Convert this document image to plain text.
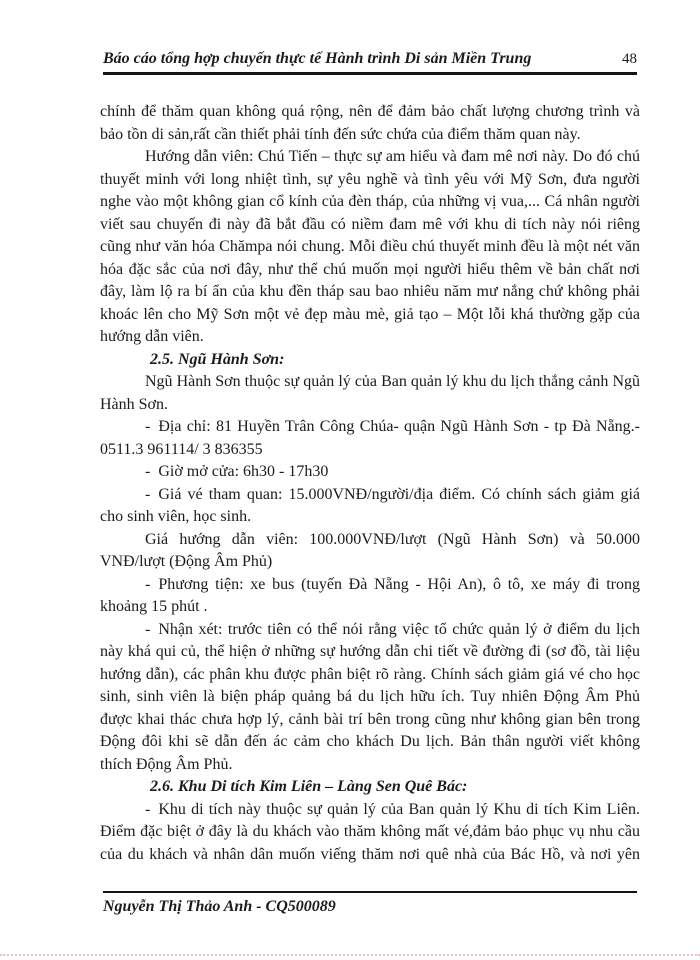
Báo cáo tổng hợp chuyến thực tế Hành trình Di sản Miền Trung	48

chính để thăm quan không quá rộng, nên để đảm bảo chất lượng chương trình và bảo tồn di sản,rất cần thiết phải tính đến sức chứa của điểm thăm quan này.

Hướng dẫn viên: Chú Tiến – thực sự am hiểu và đam mê nơi này. Do đó chú thuyết minh với long nhiệt tình, sự yêu nghề và tình yêu với Mỹ Sơn, đưa người nghe vào một không gian cổ kính của đèn tháp, của những vị vua,... Cá nhân người viết sau chuyến đi này đã bắt đầu có niềm đam mê với khu di tích này nói riêng cũng như văn hóa Chămpa nói chung. Mỗi điều chú thuyết minh đều là một nét văn hóa đặc sắc của nơi đây, như thể chú muốn mọi người hiểu thêm về bản chất nơi đây, làm lộ ra bí ẩn của khu đền tháp sau bao nhiêu năm mư nắng chứ không phải khoác lên cho Mỹ Sơn một vẻ đẹp màu mè, giả tạo – Một lỗi khá thường gặp của hướng dẫn viên.

2.5. Ngũ Hành Sơn:

Ngũ Hành Sơn thuộc sự quản lý của Ban quản lý khu du lịch thắng cảnh Ngũ Hành Sơn.

- Địa chỉ: 81 Huyền Trân Công Chúa- quận Ngũ Hành Sơn - tp Đà Nẵng.- 0511.3 961114/ 3 836355

- Giờ mở cửa: 6h30 - 17h30

- Giá vé tham quan: 15.000VNĐ/người/địa điểm. Có chính sách giảm giá cho sinh viên, học sinh.

Giá hướng dẫn viên: 100.000VNĐ/lượt (Ngũ Hành Sơn) và 50.000 VNĐ/lượt (Động Âm Phủ)

- Phương tiện: xe bus (tuyến Đà Nẵng - Hội An), ô tô, xe máy đi trong khoảng 15 phút .

- Nhận xét: trước tiên có thể nói rằng việc tổ chức quản lý ở điểm du lịch này khá qui củ, thể hiện ở những sự hướng dẫn chi tiết về đường đi (sơ đồ, tài liệu hướng dẫn), các phân khu được phân biệt rõ ràng. Chính sách giảm giá vé cho học sinh, sinh viên là biện pháp quảng bá du lịch hữu ích. Tuy nhiên Động Âm Phủ được khai thác chưa hợp lý, cảnh bài trí bên trong cũng như không gian bên trong Động đôi khi sẽ dẫn đến ác cảm cho khách Du lịch. Bản thân người viết không thích Động Âm Phủ.

2.6. Khu Di tích Kim Liên – Làng Sen Quê Bác:

- Khu di tích này thuộc sự quản lý của Ban quản lý Khu di tích Kim Liên. Điểm đặc biệt ở đây là du khách vào thăm không mất vé,đảm bảo phục vụ nhu cầu của du khách và nhân dân muốn viếng thăm nơi quê nhà của Bác Hồ, và nơi yên

Nguyễn Thị Thảo Anh - CQ500089
